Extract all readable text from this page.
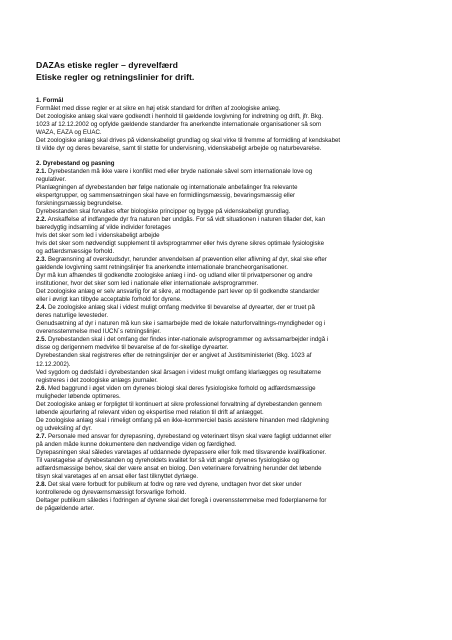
DAZAs etiske regler – dyrevelfærd
Etiske regler og retningslinier for drift.
1. Formål
Formålet med disse regler er at sikre en høj etisk standard for driften af zoologiske anlæg.
Det zoologiske anlæg skal være godkendt i henhold til gældende lovgivning for indretning og drift, jfr. Bkg.
1023 af 12.12.2002 og opfylde gældende standarder fra anerkendte internationale organisationer så som
WAZA, EAZA og EUAC.
Det zoologiske anlæg skal drives på videnskabeligt grundlag og skal virke til fremme af formidling af kendskabet
til vilde dyr og deres bevarelse, samt til støtte for undervisning, videnskabeligt arbejde og naturbevarelse.
2. Dyrebestand og pasning
2.1. Dyrebestanden må ikke være i konflikt med eller bryde nationale såvel som internationale love og
regulativer.
Planlægningen af dyrebestanden bør følge nationale og internationale anbefalinger fra relevante
ekspertgrupper, og sammensætningen skal have en formidlingsmæssig, bevaringsmæssig eller
forskningsmæssig begrundelse.
Dyrebestanden skal forvaltes efter biologiske principper og bygge på videnskabeligt grundlag.
2.2. Anskaffelse af indfangede dyr fra naturen bør undgås. For så vidt situationen i naturen tillader det, kan
bæredygtig indsamling af vilde individer foretages
hvis det sker som led i videnskabeligt arbejde
hvis det sker som nødvendigt supplement til avlsprogrammer eller hvis dyrene sikres optimale fysiologiske
og adfærdsmæssige forhold.
2.3. Begrænsning af overskudsdyr, herunder anvendelsen af prævention eller aflivning af dyr, skal ske efter
gældende lovgivning samt retningslinjer fra anerkendte internationale brancheorganisationer.
Dyr må kun afhændes til godkendte zoologiske anlæg i ind- og udland eller til privatpersoner og andre
institutioner, hvor det sker som led i nationale eller internationale avlsprogrammer.
Det zoologiske anlæg er selv ansvarlig for at sikre, at modtagende part lever op til godkendte standarder
eller i øvrigt kan tilbyde acceptable forhold for dyrene.
2.4. De zoologiske anlæg skal i videst muligt omfang medvirke til bevarelse af dyrearter, der er truet på
deres naturlige levesteder.
Genudsætning af dyr i naturen må kun ske i samarbejde med de lokale naturforvaltnings-myndigheder og i
overensstemmelse med IUCN´s retningslinjer.
2.5. Dyrebestanden skal i det omfang der findes inter-nationale avlsprogrammer og avlssamarbejder indgå i
disse og derigennem medvirke til bevarelse af de for-skellige dyrearter.
Dyrebestanden skal registreres efter de retningslinjer der er angivet af Justitsministeriet (Bkg. 1023 af
12.12.2002).
Ved sygdom og dødsfald i dyrebestanden skal årsagen i videst muligt omfang klarlægges og resultaterne
registreres i det zoologiske anlægs journaler.
2.6. Med baggrund i øget viden om dyrenes biologi skal deres fysiologiske forhold og adfærdsmæssige
muligheder løbende optimeres.
Det zoologiske anlæg er forpligtet til kontinuert at sikre professionel forvaltning af dyrebestanden gennem
løbende ajourføring af relevant viden og ekspertise med relation til drift af anlægget.
De zoologiske anlæg skal i rimeligt omfang på en ikke-kommerciel basis assistere hinanden med rådgivning
og udveksling af dyr.
2.7. Personale med ansvar for dyrepasning, dyrebestand og veterinært tilsyn skal være fagligt uddannet eller
på anden måde kunne dokumentere den nødvendige viden og færdighed.
Dyrepasningen skal således varetages af uddannede dyrepassere eller folk med tilsvarende kvalifikationer.
Til varetagelse af dyrebestanden og dyreholdets kvalitet for så vidt angår dyrenes fysiologiske og
adfærdsmæssige behov, skal der være ansat en biolog. Den veterinære forvaltning herunder det løbende
tilsyn skal varetages af en ansat eller fast tilknyttet dyrlæge.
2.8. Det skal være forbudt for publikum at fodre og røre ved dyrene, undtagen hvor det sker under
kontrollerede og dyreværnsmæssigt forsvarlige forhold.
Deltager publikum således i fodringen af dyrene skal det foregå i overensstemmelse med foderplanerne for
de pågældende arter.
